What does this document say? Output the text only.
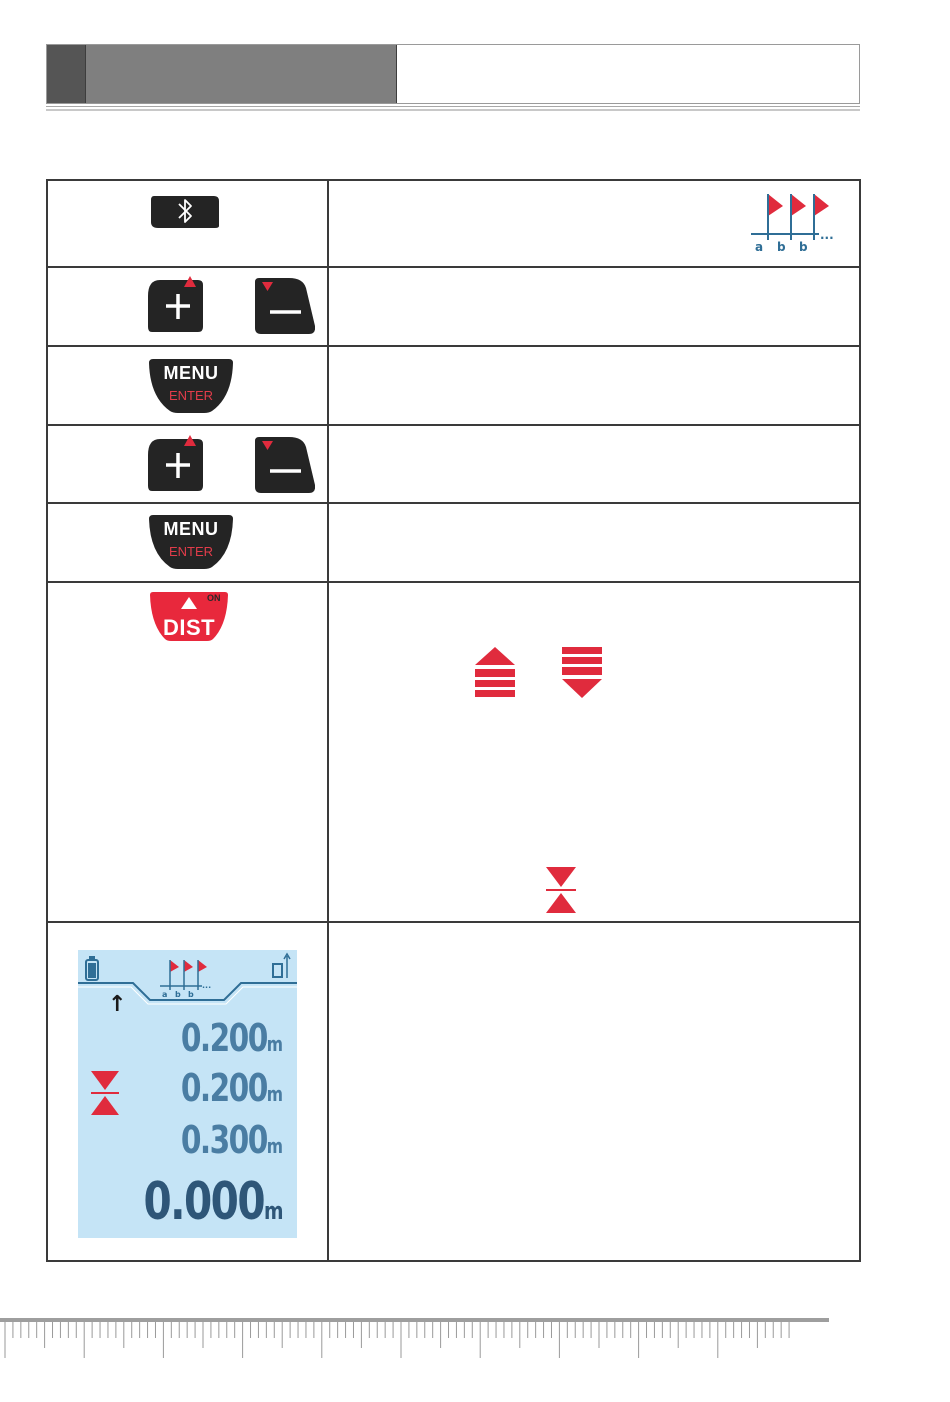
a b b
...
MENU
ENTER
MENU
ENTER
ON
DIST
a b b
...
↑
0.200m
0.200m
0.300m
0.000m
